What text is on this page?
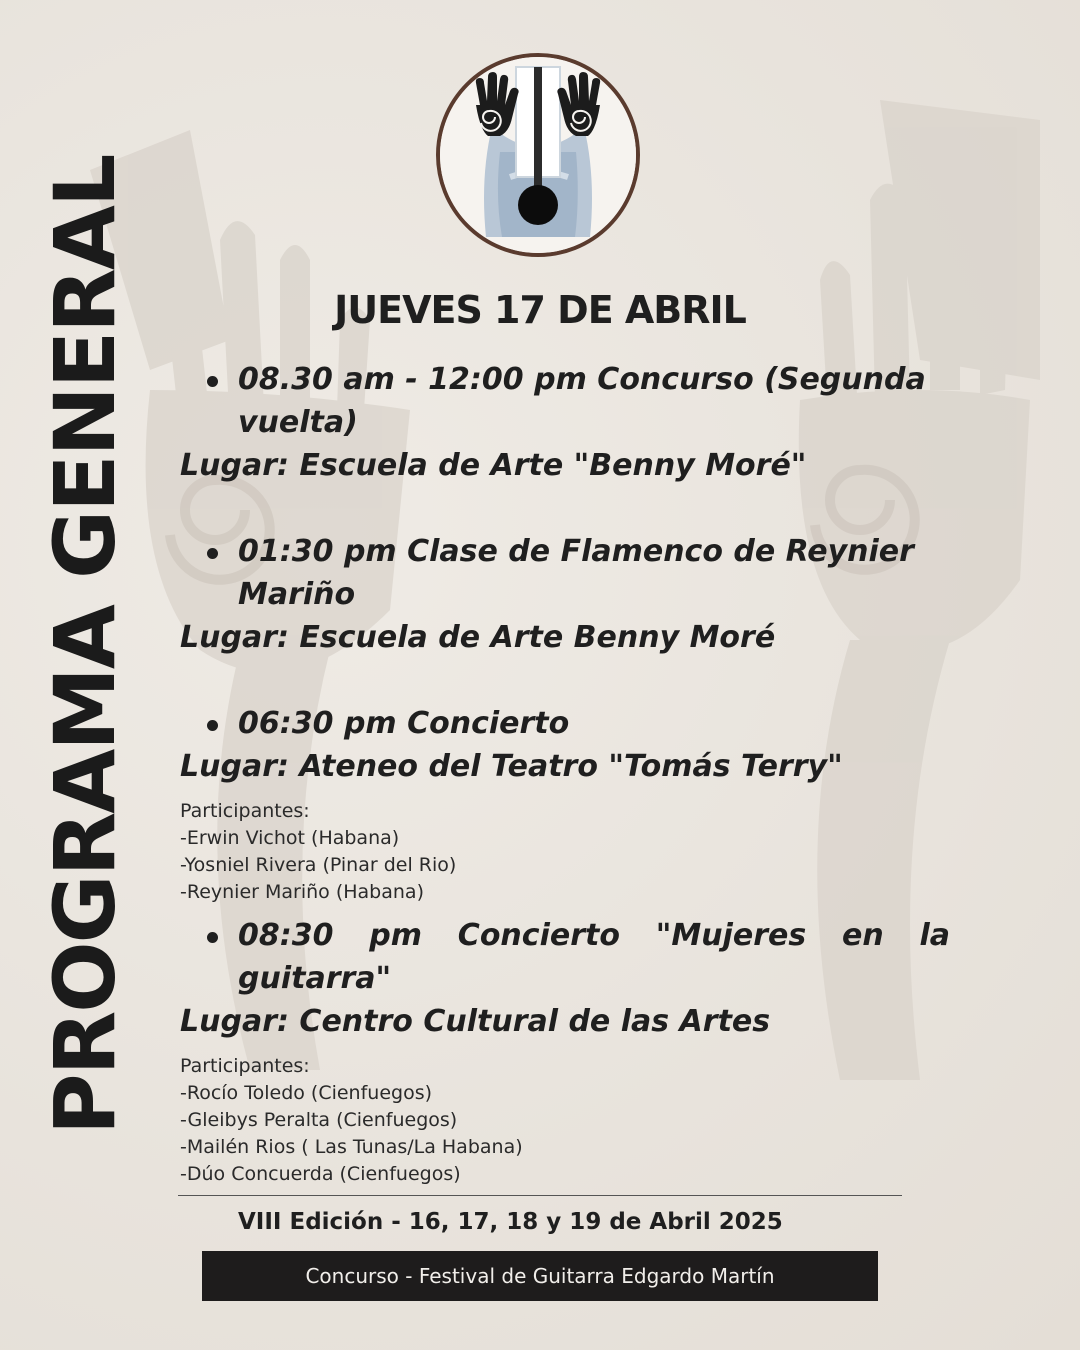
PROGRAMA GENERAL	JUEVES 17 DE ABRIL
08.30 am - 12:00 pm Concurso (Segunda vuelta)
Lugar: Escuela de Arte "Benny Moré"
01:30 pm Clase de Flamenco de Reynier Mariño
Lugar: Escuela de Arte Benny Moré
06:30 pm Concierto
Lugar: Ateneo del Teatro "Tomás Terry"
Participantes:
-Erwin Vichot (Habana)
-Yosniel Rivera (Pinar del Rio)
-Reynier Mariño (Habana)
08:30 pm Concierto "Mujeres en la guitarra"
Lugar: Centro Cultural de las Artes
Participantes:
-Rocío Toledo (Cienfuegos)
-Gleibys Peralta (Cienfuegos)
-Mailén Rios ( Las Tunas/La Habana)
-Dúo Concuerda (Cienfuegos)
VIII Edición - 16, 17, 18 y 19 de Abril 2025
Concurso - Festival de Guitarra Edgardo Martín
